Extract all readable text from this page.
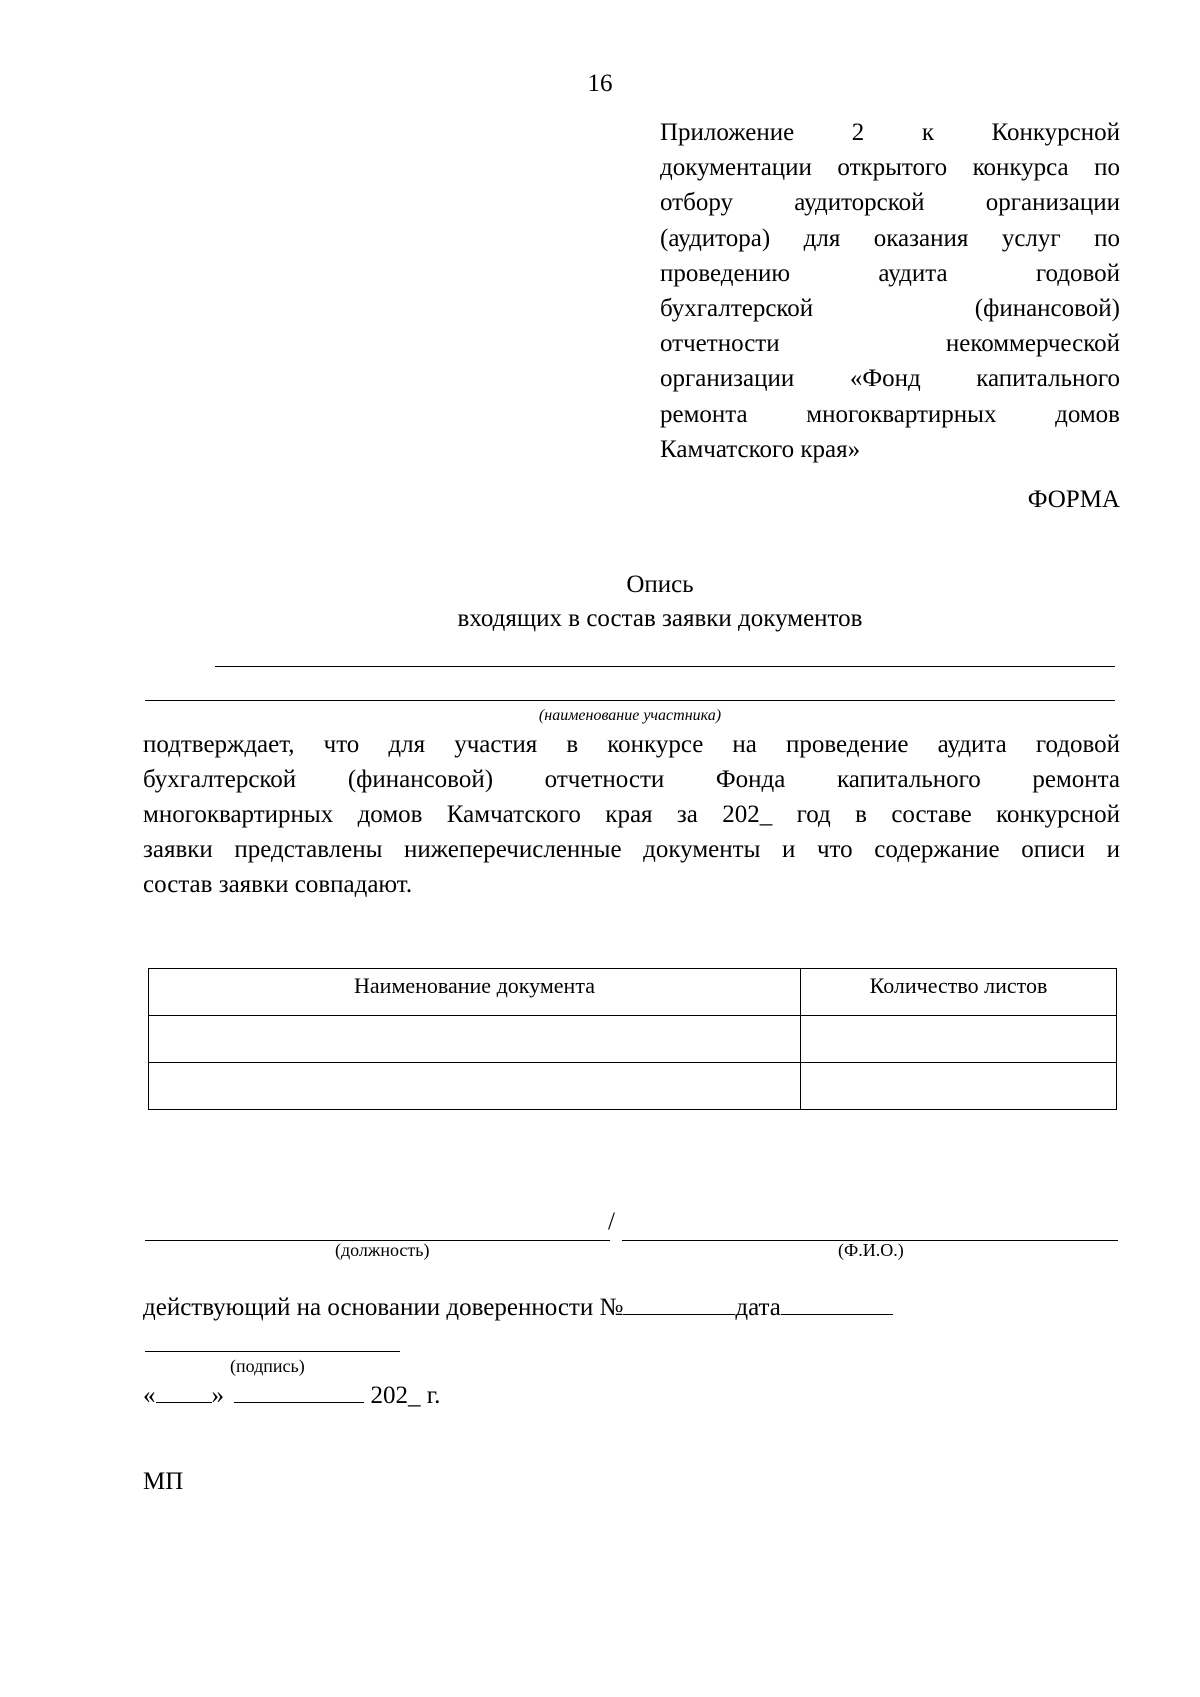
16
Приложение 2 к Конкурсной
документации открытого конкурса по
отбору аудиторской организации
(аудитора) для оказания услуг по
проведению аудита годовой
бухгалтерской (финансовой)
отчетности некоммерческой
организации «Фонд капитального
ремонта многоквартирных домов
Камчатского края»
ФОРМА
Опись
входящих в состав заявки документов
(наименование участника)
подтверждает, что для участия в конкурсе на проведение аудита годовой
бухгалтерской (финансовой) отчетности Фонда капитального ремонта
многоквартирных домов Камчатского края за 202_ год в составе конкурсной
заявки представлены нижеперечисленные документы и что содержание описи и
состав заявки совпадают.
Наименование документа	Количество листов

/
(должность)	(Ф.И.О.)
действующий на основании доверенности №	дата
(подпись)
« »	202_ г.
МП
